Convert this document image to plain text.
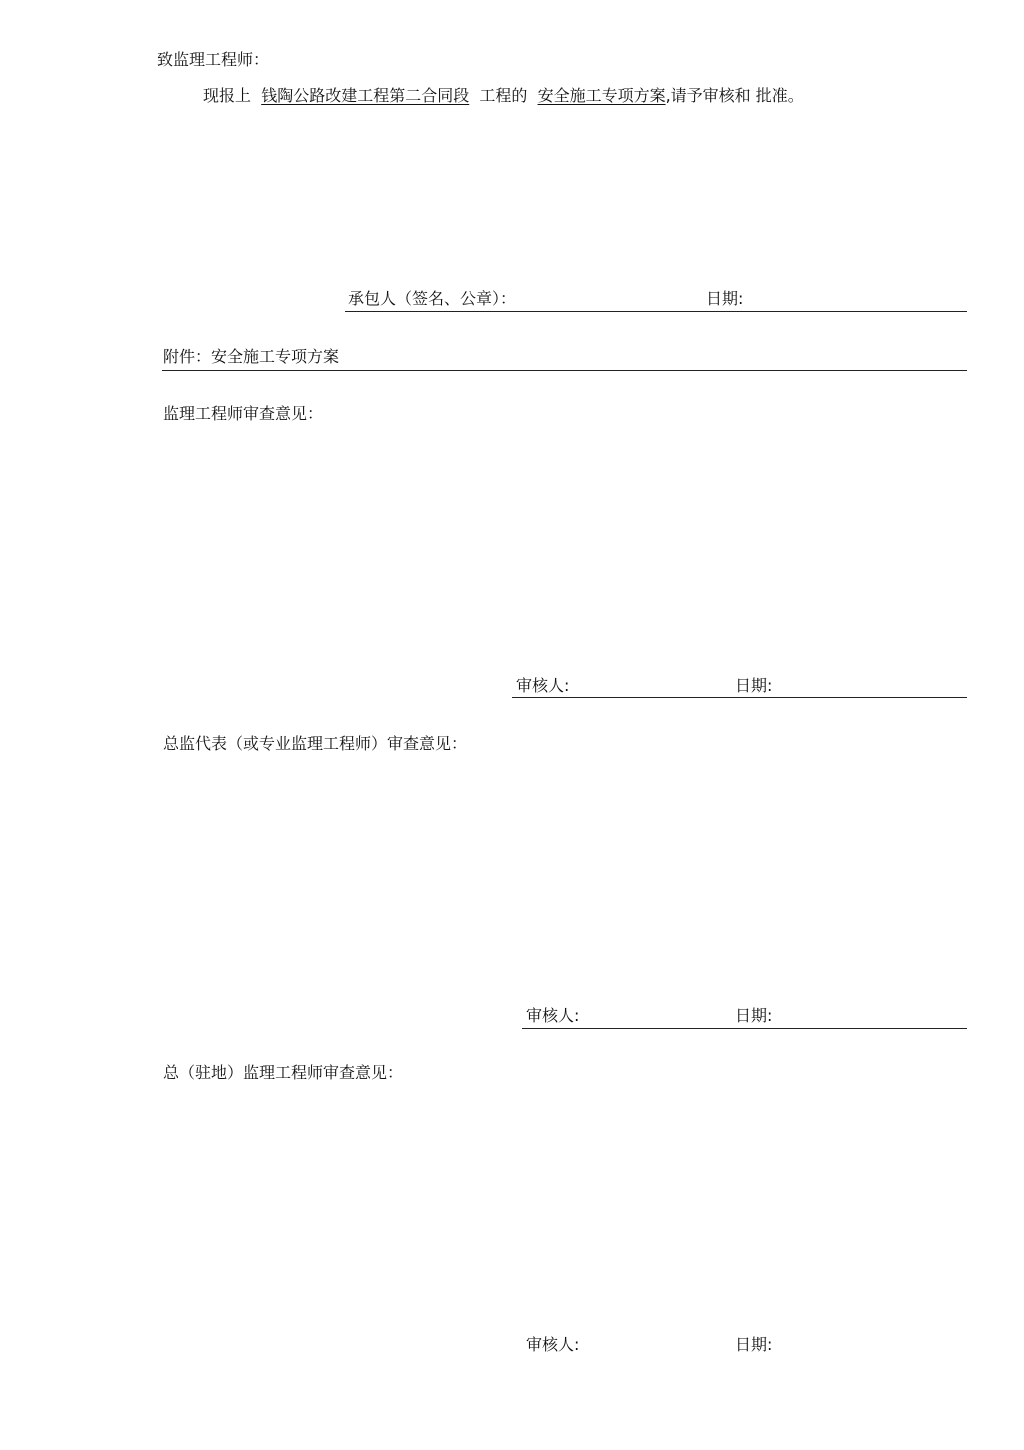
致监理工程师：
现报上 钱陶公路改建工程第二合同段 工程的 安全施工专项方案,请予审核和 批准。
承包人（签名、公章）：	日期:
附件：安全施工专项方案
监理工程师审查意见：
审核人:	日期:
总监代表（或专业监理工程师）审查意见：
审核人:	日期:
总（驻地）监理工程师审查意见：
审核人:	日期:
